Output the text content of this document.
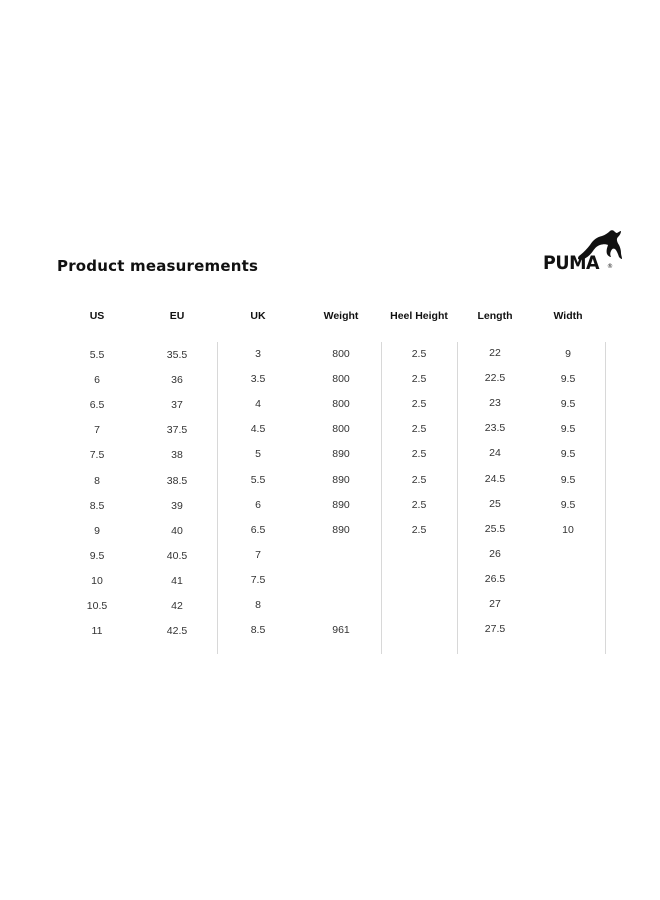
Product measurements	PUMA ®
US
5.5
6
6.5
7
7.5
8
8.5
9
9.5
10
10.5
11
EU
35.5
36
37
37.5
38
38.5
39
40
40.5
41
42
42.5
UK
3
3.5
4
4.5
5
5.5
6
6.5
7
7.5
8
8.5
Weight
800
800
800
800
890
890
890
890
961
Heel Height
2.5
2.5
2.5
2.5
2.5
2.5
2.5
2.5
Length
22
22.5
23
23.5
24
24.5
25
25.5
26
26.5
27
27.5
Width
9
9.5
9.5
9.5
9.5
9.5
9.5
10
